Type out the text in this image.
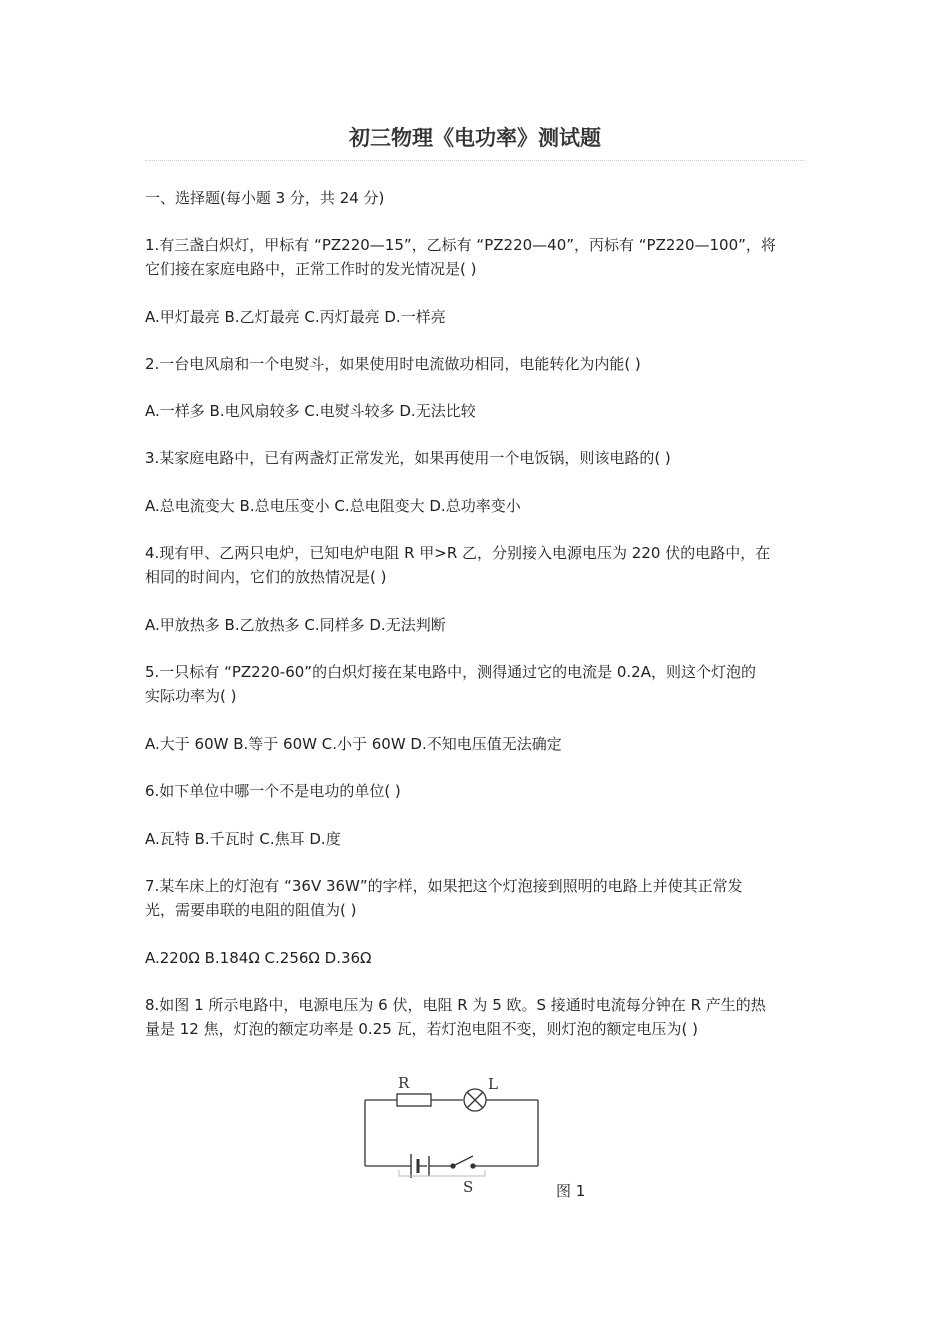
初三物理《电功率》测试题
一、选择题(每小题 3 分，共 24 分)
1.有三盏白炽灯，甲标有 “PZ220—15”，乙标有 “PZ220—40”，丙标有 “PZ220—100”，将
它们接在家庭电路中，正常工作时的发光情况是( )
A.甲灯最亮 B.乙灯最亮 C.丙灯最亮 D.一样亮
2.一台电风扇和一个电熨斗，如果使用时电流做功相同，电能转化为内能( )
A.一样多 B.电风扇较多 C.电熨斗较多 D.无法比较
3.某家庭电路中，已有两盏灯正常发光，如果再使用一个电饭锅，则该电路的( )
A.总电流变大 B.总电压变小 C.总电阻变大 D.总功率变小
4.现有甲、乙两只电炉，已知电炉电阻 R 甲>R 乙，分别接入电源电压为 220 伏的电路中，在
相同的时间内，它们的放热情况是( )
A.甲放热多 B.乙放热多 C.同样多 D.无法判断
5.一只标有 “PZ220-60”的白炽灯接在某电路中，测得通过它的电流是 0.2A，则这个灯泡的
实际功率为( )
A.大于 60W B.等于 60W C.小于 60W D.不知电压值无法确定
6.如下单位中哪一个不是电功的单位( )
A.瓦特 B.千瓦时 C.焦耳 D.度
7.某车床上的灯泡有 “36V 36W”的字样，如果把这个灯泡接到照明的电路上并使其正常发
光，需要串联的电阻的阻值为( )
A.220Ω B.184Ω C.256Ω D.36Ω
8.如图 1 所示电路中，电源电压为 6 伏，电阻 R 为 5 欧。S 接通时电流每分钟在 R 产生的热
量是 12 焦，灯泡的额定功率是 0.25 瓦，若灯泡电阻不变，则灯泡的额定电压为( )
R	L
S	图 1
